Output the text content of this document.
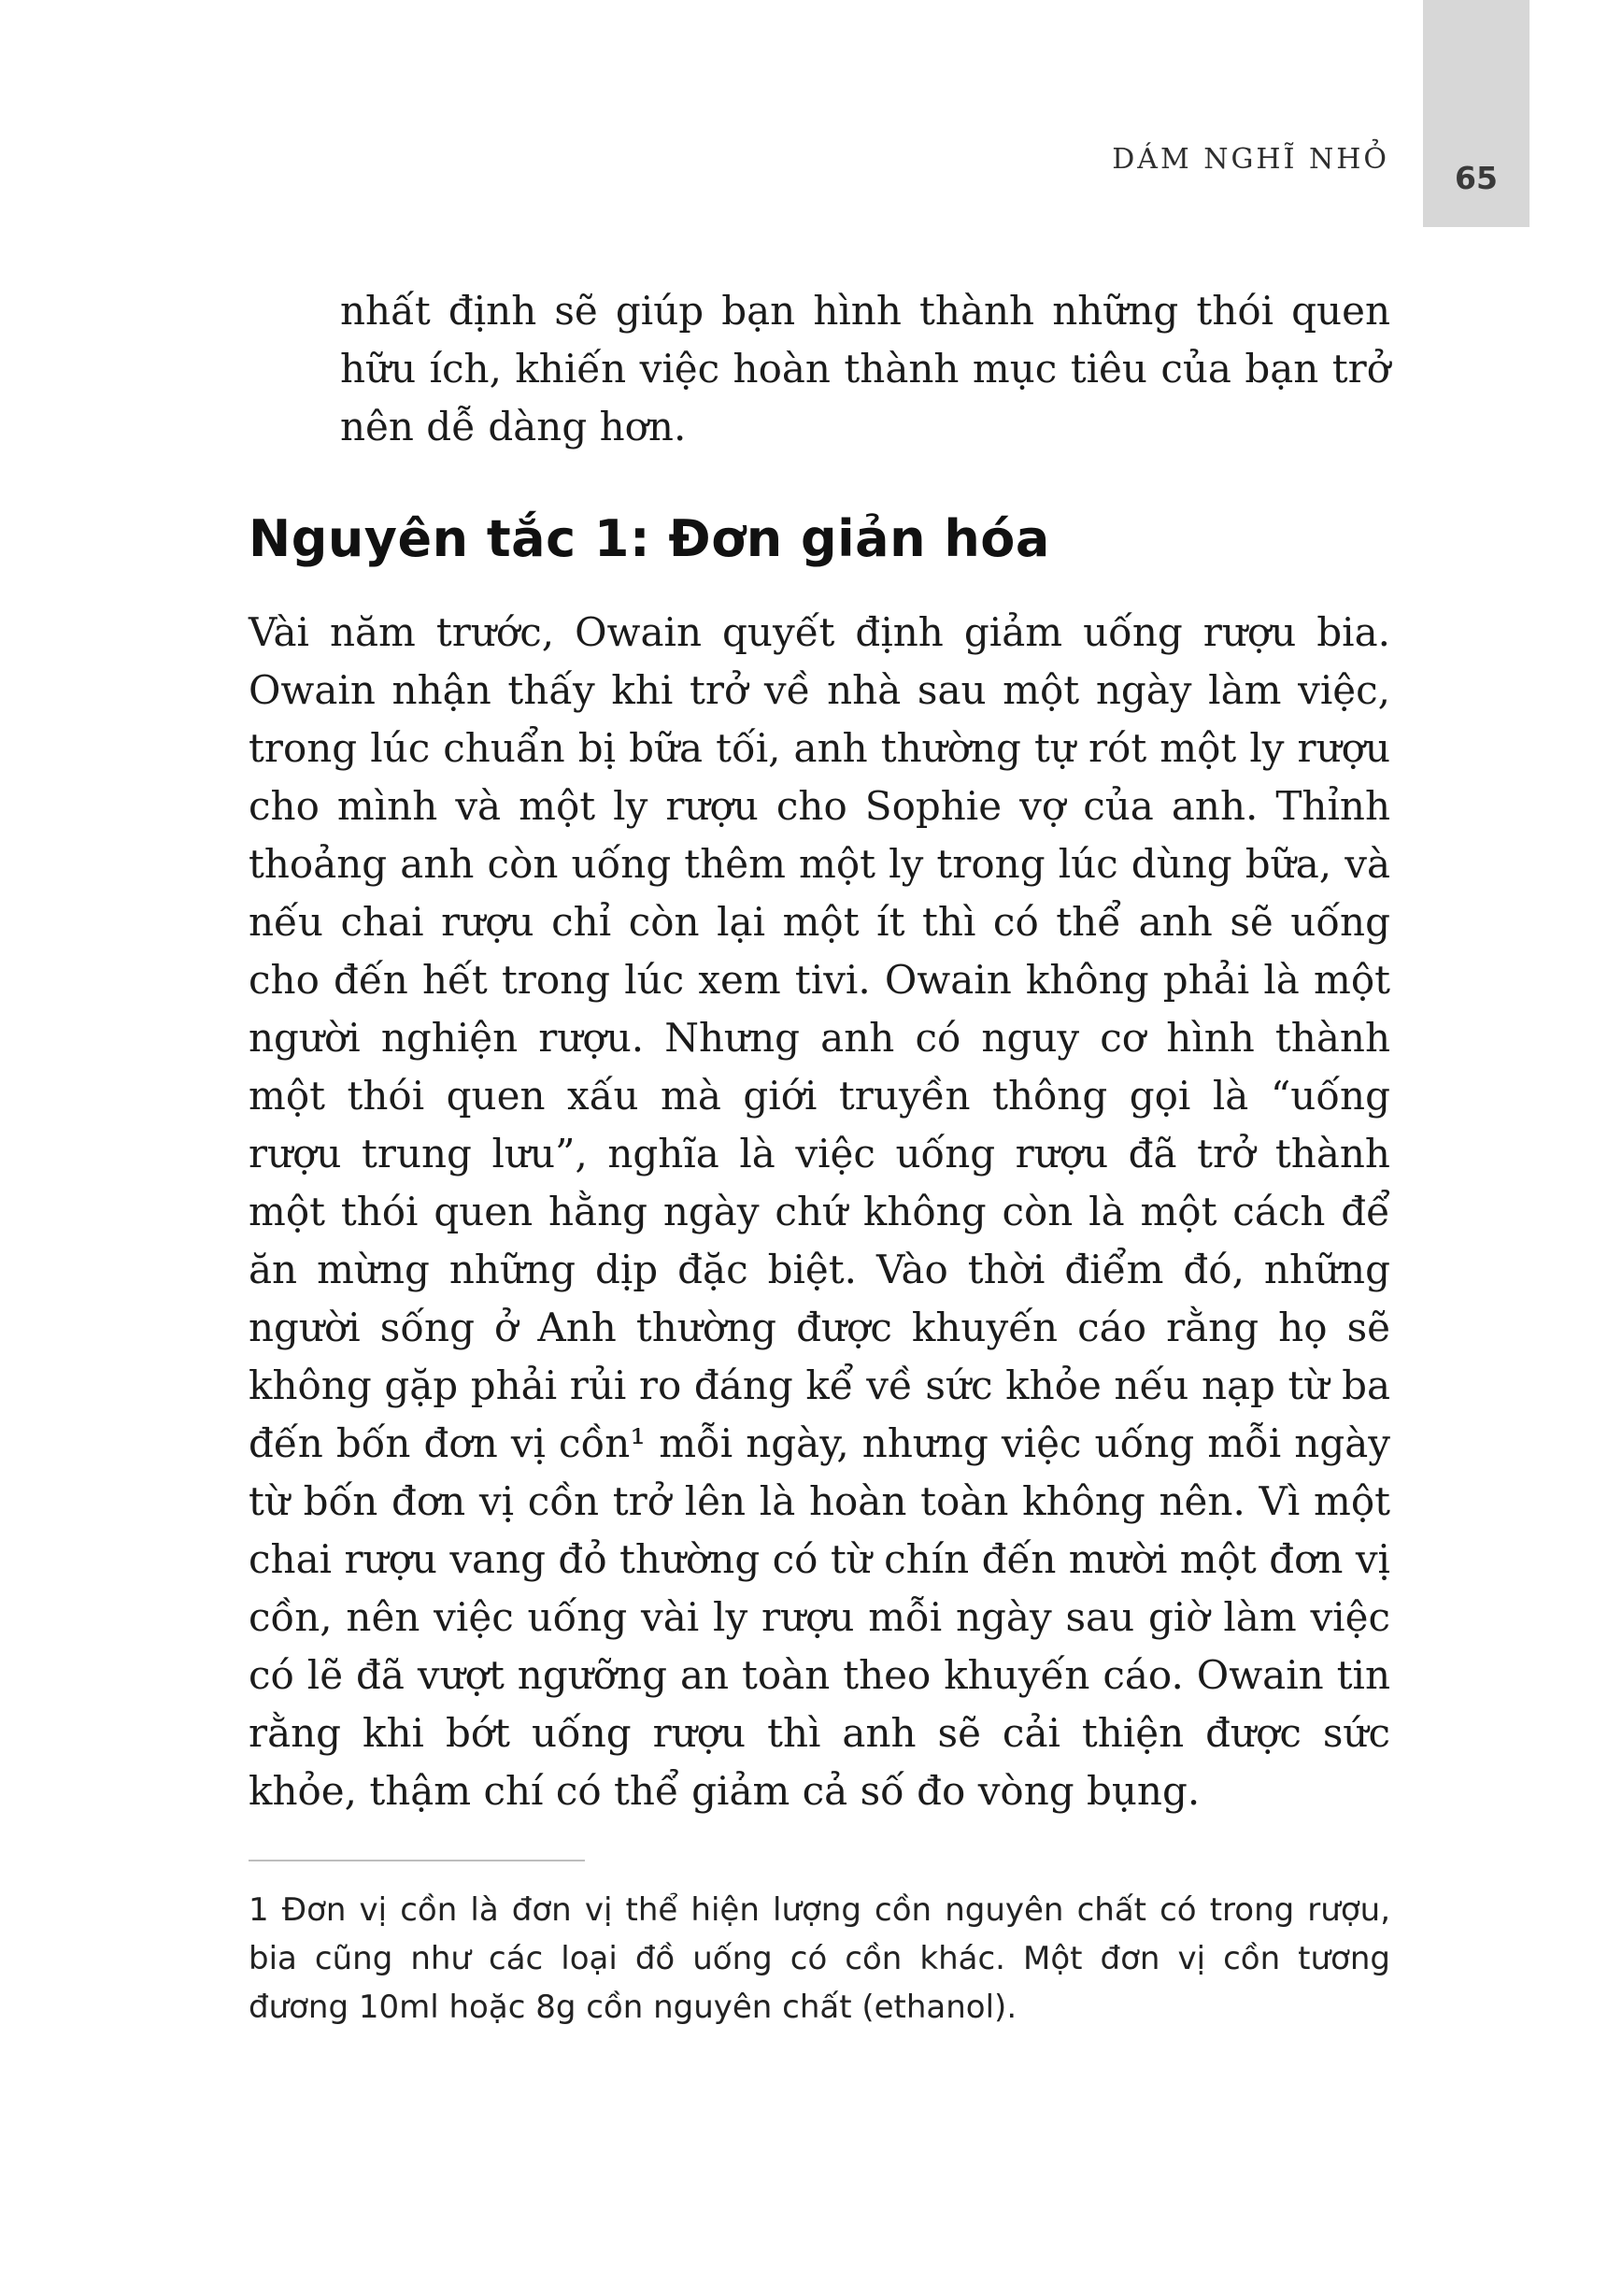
65
DÁM NGHĨ NHỎ

nhất định sẽ giúp bạn hình thành những thói quen hữu ích, khiến việc hoàn thành mục tiêu của bạn trở nên dễ dàng hơn.

Nguyên tắc 1: Đơn giản hóa

Vài năm trước, Owain quyết định giảm uống rượu bia. Owain nhận thấy khi trở về nhà sau một ngày làm việc, trong lúc chuẩn bị bữa tối, anh thường tự rót một ly rượu cho mình và một ly rượu cho Sophie vợ của anh. Thỉnh thoảng anh còn uống thêm một ly trong lúc dùng bữa, và nếu chai rượu chỉ còn lại một ít thì có thể anh sẽ uống cho đến hết trong lúc xem tivi. Owain không phải là một người nghiện rượu. Nhưng anh có nguy cơ hình thành một thói quen xấu mà giới truyền thông gọi là “uống rượu trung lưu”, nghĩa là việc uống rượu đã trở thành một thói quen hằng ngày chứ không còn là một cách để ăn mừng những dịp đặc biệt. Vào thời điểm đó, những người sống ở Anh thường được khuyến cáo rằng họ sẽ không gặp phải rủi ro đáng kể về sức khỏe nếu nạp từ ba đến bốn đơn vị cồn¹ mỗi ngày, nhưng việc uống mỗi ngày từ bốn đơn vị cồn trở lên là hoàn toàn không nên. Vì một chai rượu vang đỏ thường có từ chín đến mười một đơn vị cồn, nên việc uống vài ly rượu mỗi ngày sau giờ làm việc có lẽ đã vượt ngưỡng an toàn theo khuyến cáo. Owain tin rằng khi bớt uống rượu thì anh sẽ cải thiện được sức khỏe, thậm chí có thể giảm cả số đo vòng bụng.

1 Đơn vị cồn là đơn vị thể hiện lượng cồn nguyên chất có trong rượu, bia cũng như các loại đồ uống có cồn khác. Một đơn vị cồn tương đương 10ml hoặc 8g cồn nguyên chất (ethanol).
